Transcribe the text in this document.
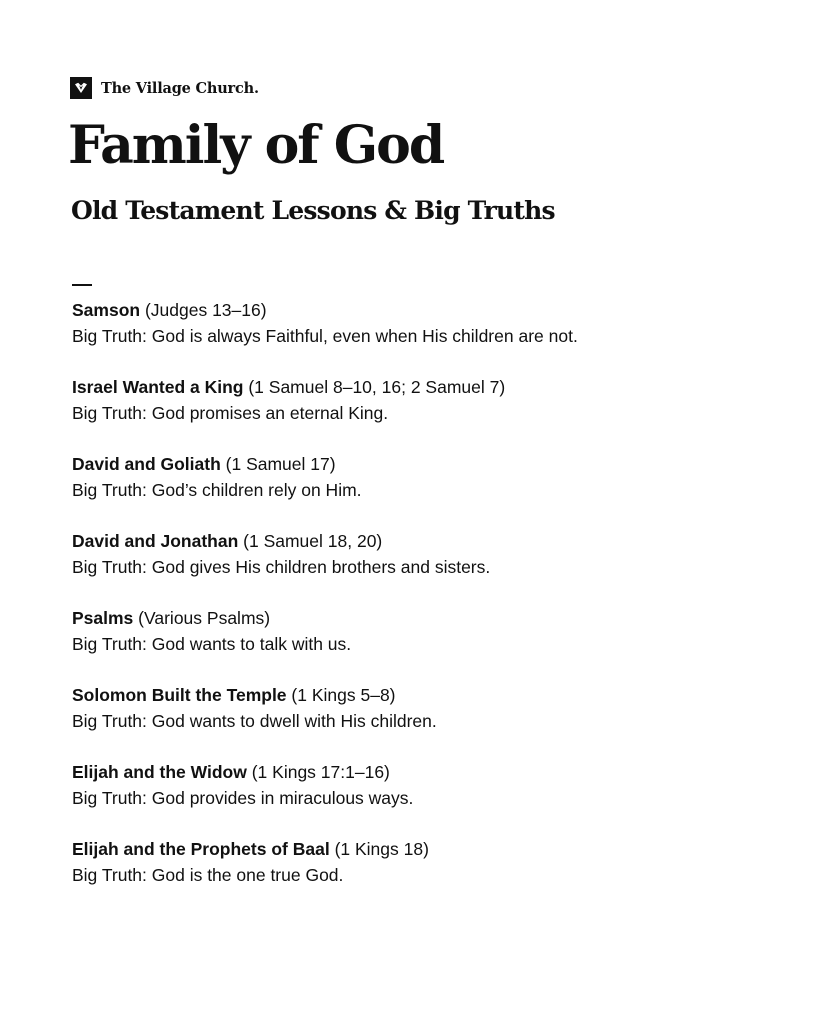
The Village Church.
Family of God
Old Testament Lessons & Big Truths
Samson (Judges 13–16)
Big Truth: God is always Faithful, even when His children are not.
Israel Wanted a King (1 Samuel 8–10, 16; 2 Samuel 7)
Big Truth: God promises an eternal King.
David and Goliath (1 Samuel 17)
Big Truth: God’s children rely on Him.
David and Jonathan (1 Samuel 18, 20)
Big Truth: God gives His children brothers and sisters.
Psalms (Various Psalms)
Big Truth: God wants to talk with us.
Solomon Built the Temple (1 Kings 5–8)
Big Truth: God wants to dwell with His children.
Elijah and the Widow (1 Kings 17:1–16)
Big Truth: God provides in miraculous ways.
Elijah and the Prophets of Baal (1 Kings 18)
Big Truth: God is the one true God.
